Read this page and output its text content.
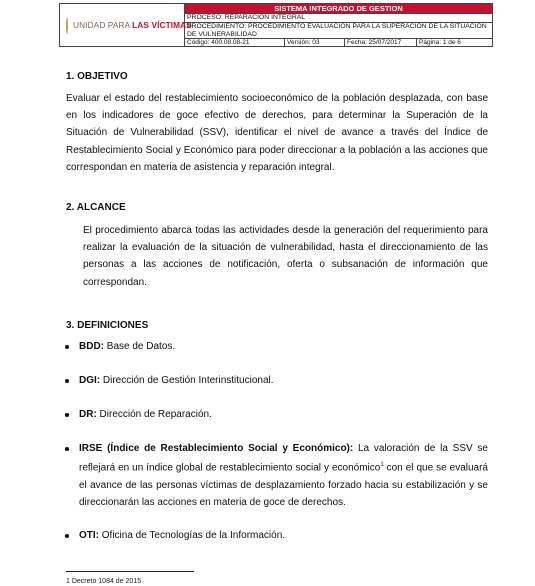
UNIDAD PARA LAS VÍCTIMAS
SISTEMA INTEGRADO DE GESTION
PROCESO: REPARACIÓN INTEGRAL
PROCEDIMIENTO: PROCEDIMIENTO EVALUACIÓN PARA LA SUPERACIÓN DE LA SITUACIÓN DE VULNERABILIDAD
Código: 400.08.08-21	Versión: 03	Fecha: 25/07/2017	Página: 1 de 6
1. OBJETIVO
Evaluar el estado del restablecimiento socioeconómico de la población desplazada, con base en los indicadores de goce efectivo de derechos, para determinar la Superación de la Situación de Vulnerabilidad (SSV), identificar el nivel de avance a través del Índice de Restablecimiento Social y Económico para poder direccionar a la población a las acciones que correspondan en materia de asistencia y reparación integral.
2. ALCANCE
El procedimiento abarca todas las actividades desde la generación del requerimiento para realizar la evaluación de la situación de vulnerabilidad, hasta el direccionamiento de las personas a las acciones de notificación, oferta o subsanación de información que correspondan.
3. DEFINICIONES
BDD: Base de Datos.
DGI: Dirección de Gestión Interinstitucional.
DR: Dirección de Reparación.
IRSE (Índice de Restablecimiento Social y Económico): La valoración de la SSV se reflejará en un índice global de restablecimiento social y económico$^1$ con el que se evaluará el avance de las personas víctimas de desplazamiento forzado hacia su estabilización y se direccionarán las acciones en materia de goce de derechos.
OTI: Oficina de Tecnologías de la Información.
1 Decreto 1084 de 2015
